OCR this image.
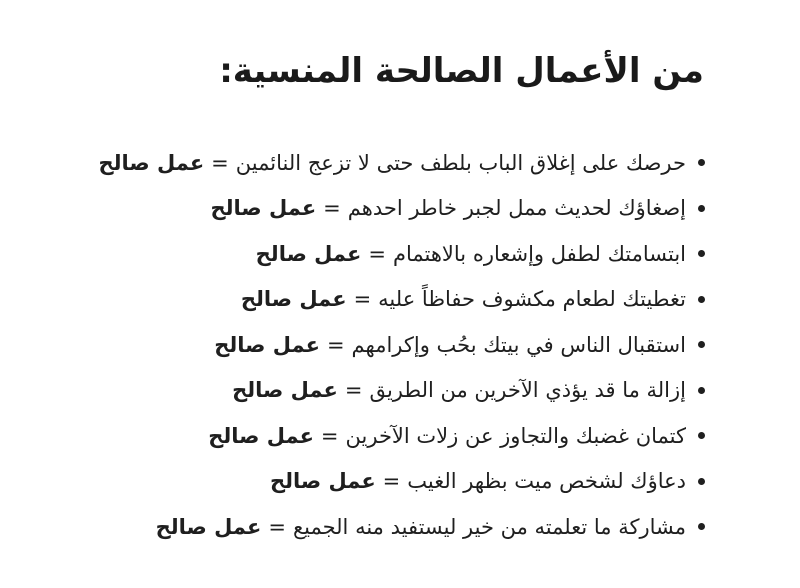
من الأعمال الصالحة المنسية:
حرصك على إغلاق الباب بلطف حتى لا تزعج النائمين
=
عمل صالح
إصغاؤك لحديث ممل لجبر خاطر احدهم
=
عمل صالح
ابتسامتك لطفل وإشعاره بالاهتمام
=
عمل صالح
تغطيتك لطعام مكشوف حفاظاً عليه
=
عمل صالح
استقبال الناس في بيتك بحُب وإكرامهم
=
عمل صالح
إزالة ما قد يؤذي الآخرين من الطريق
=
عمل صالح
كتمان غضبك والتجاوز عن زلات الآخرين
=
عمل صالح
دعاؤك لشخص ميت بظهر الغيب
=
عمل صالح
مشاركة ما تعلمته من خير ليستفيد منه الجميع
=
عمل صالح
